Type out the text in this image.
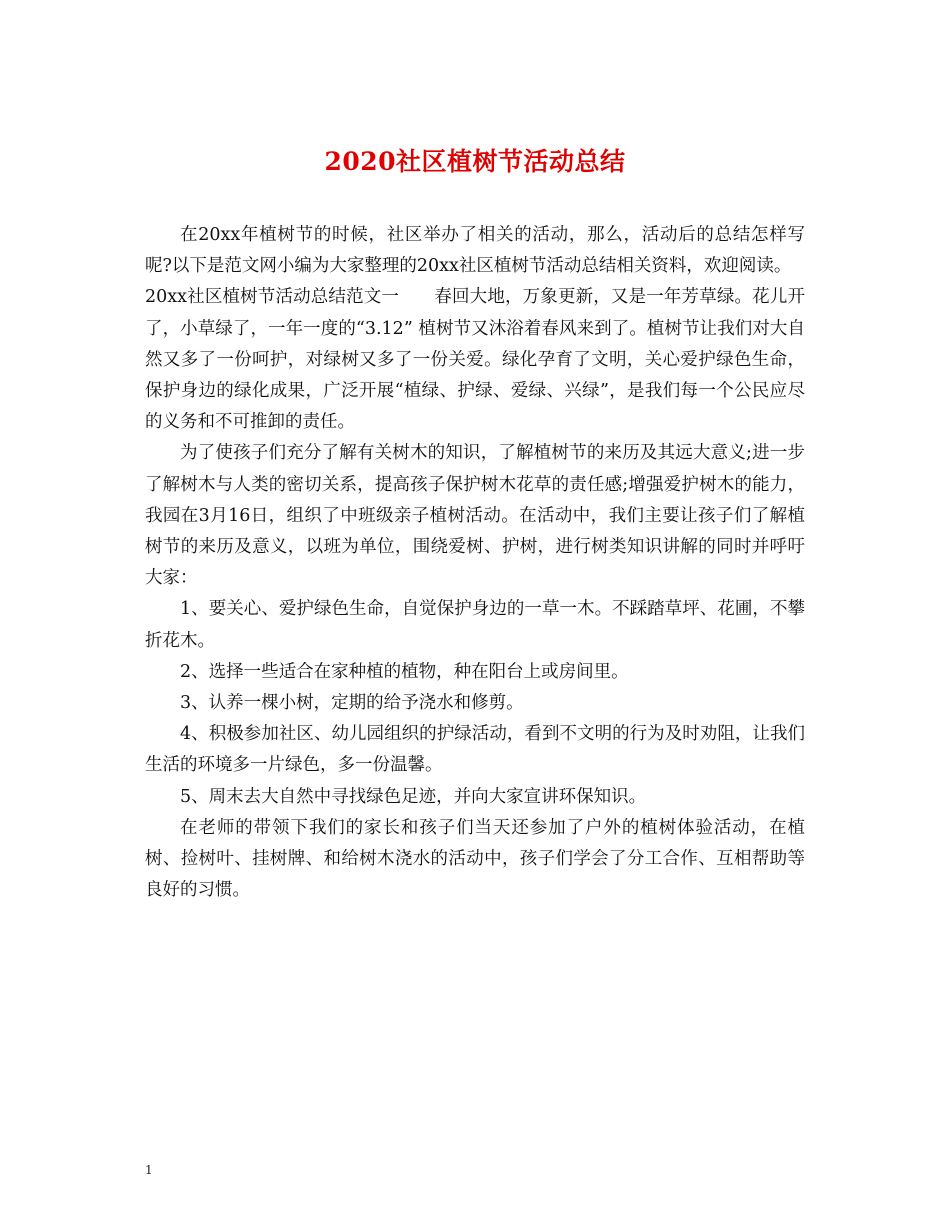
2020社区植树节活动总结

在20xx年植树节的时候，社区举办了相关的活动，那么，活动后的总结怎样写呢?以下是范文网小编为大家整理的20xx社区植树节活动总结相关资料，欢迎阅读。

20xx社区植树节活动总结范文一　　春回大地，万象更新，又是一年芳草绿。花儿开了，小草绿了，一年一度的“3.12” 植树节又沐浴着春风来到了。植树节让我们对大自然又多了一份呵护，对绿树又多了一份关爱。绿化孕育了文明，关心爱护绿色生命，保护身边的绿化成果，广泛开展“植绿、护绿、爱绿、兴绿”，是我们每一个公民应尽的义务和不可推卸的责任。

为了使孩子们充分了解有关树木的知识，了解植树节的来历及其远大意义;进一步了解树木与人类的密切关系，提高孩子保护树木花草的责任感;增强爱护树木的能力，我园在3月16日，组织了中班级亲子植树活动。在活动中，我们主要让孩子们了解植树节的来历及意义，以班为单位，围绕爱树、护树，进行树类知识讲解的同时并呼吁大家：

1、要关心、爱护绿色生命，自觉保护身边的一草一木。不踩踏草坪、花圃，不攀折花木。

2、选择一些适合在家种植的植物，种在阳台上或房间里。

3、认养一棵小树，定期的给予浇水和修剪。

4、积极参加社区、幼儿园组织的护绿活动，看到不文明的行为及时劝阻，让我们生活的环境多一片绿色，多一份温馨。

5、周末去大自然中寻找绿色足迹，并向大家宣讲环保知识。

在老师的带领下我们的家长和孩子们当天还参加了户外的植树体验活动，在植树、捡树叶、挂树牌、和给树木浇水的活动中，孩子们学会了分工合作、互相帮助等良好的习惯。

1
